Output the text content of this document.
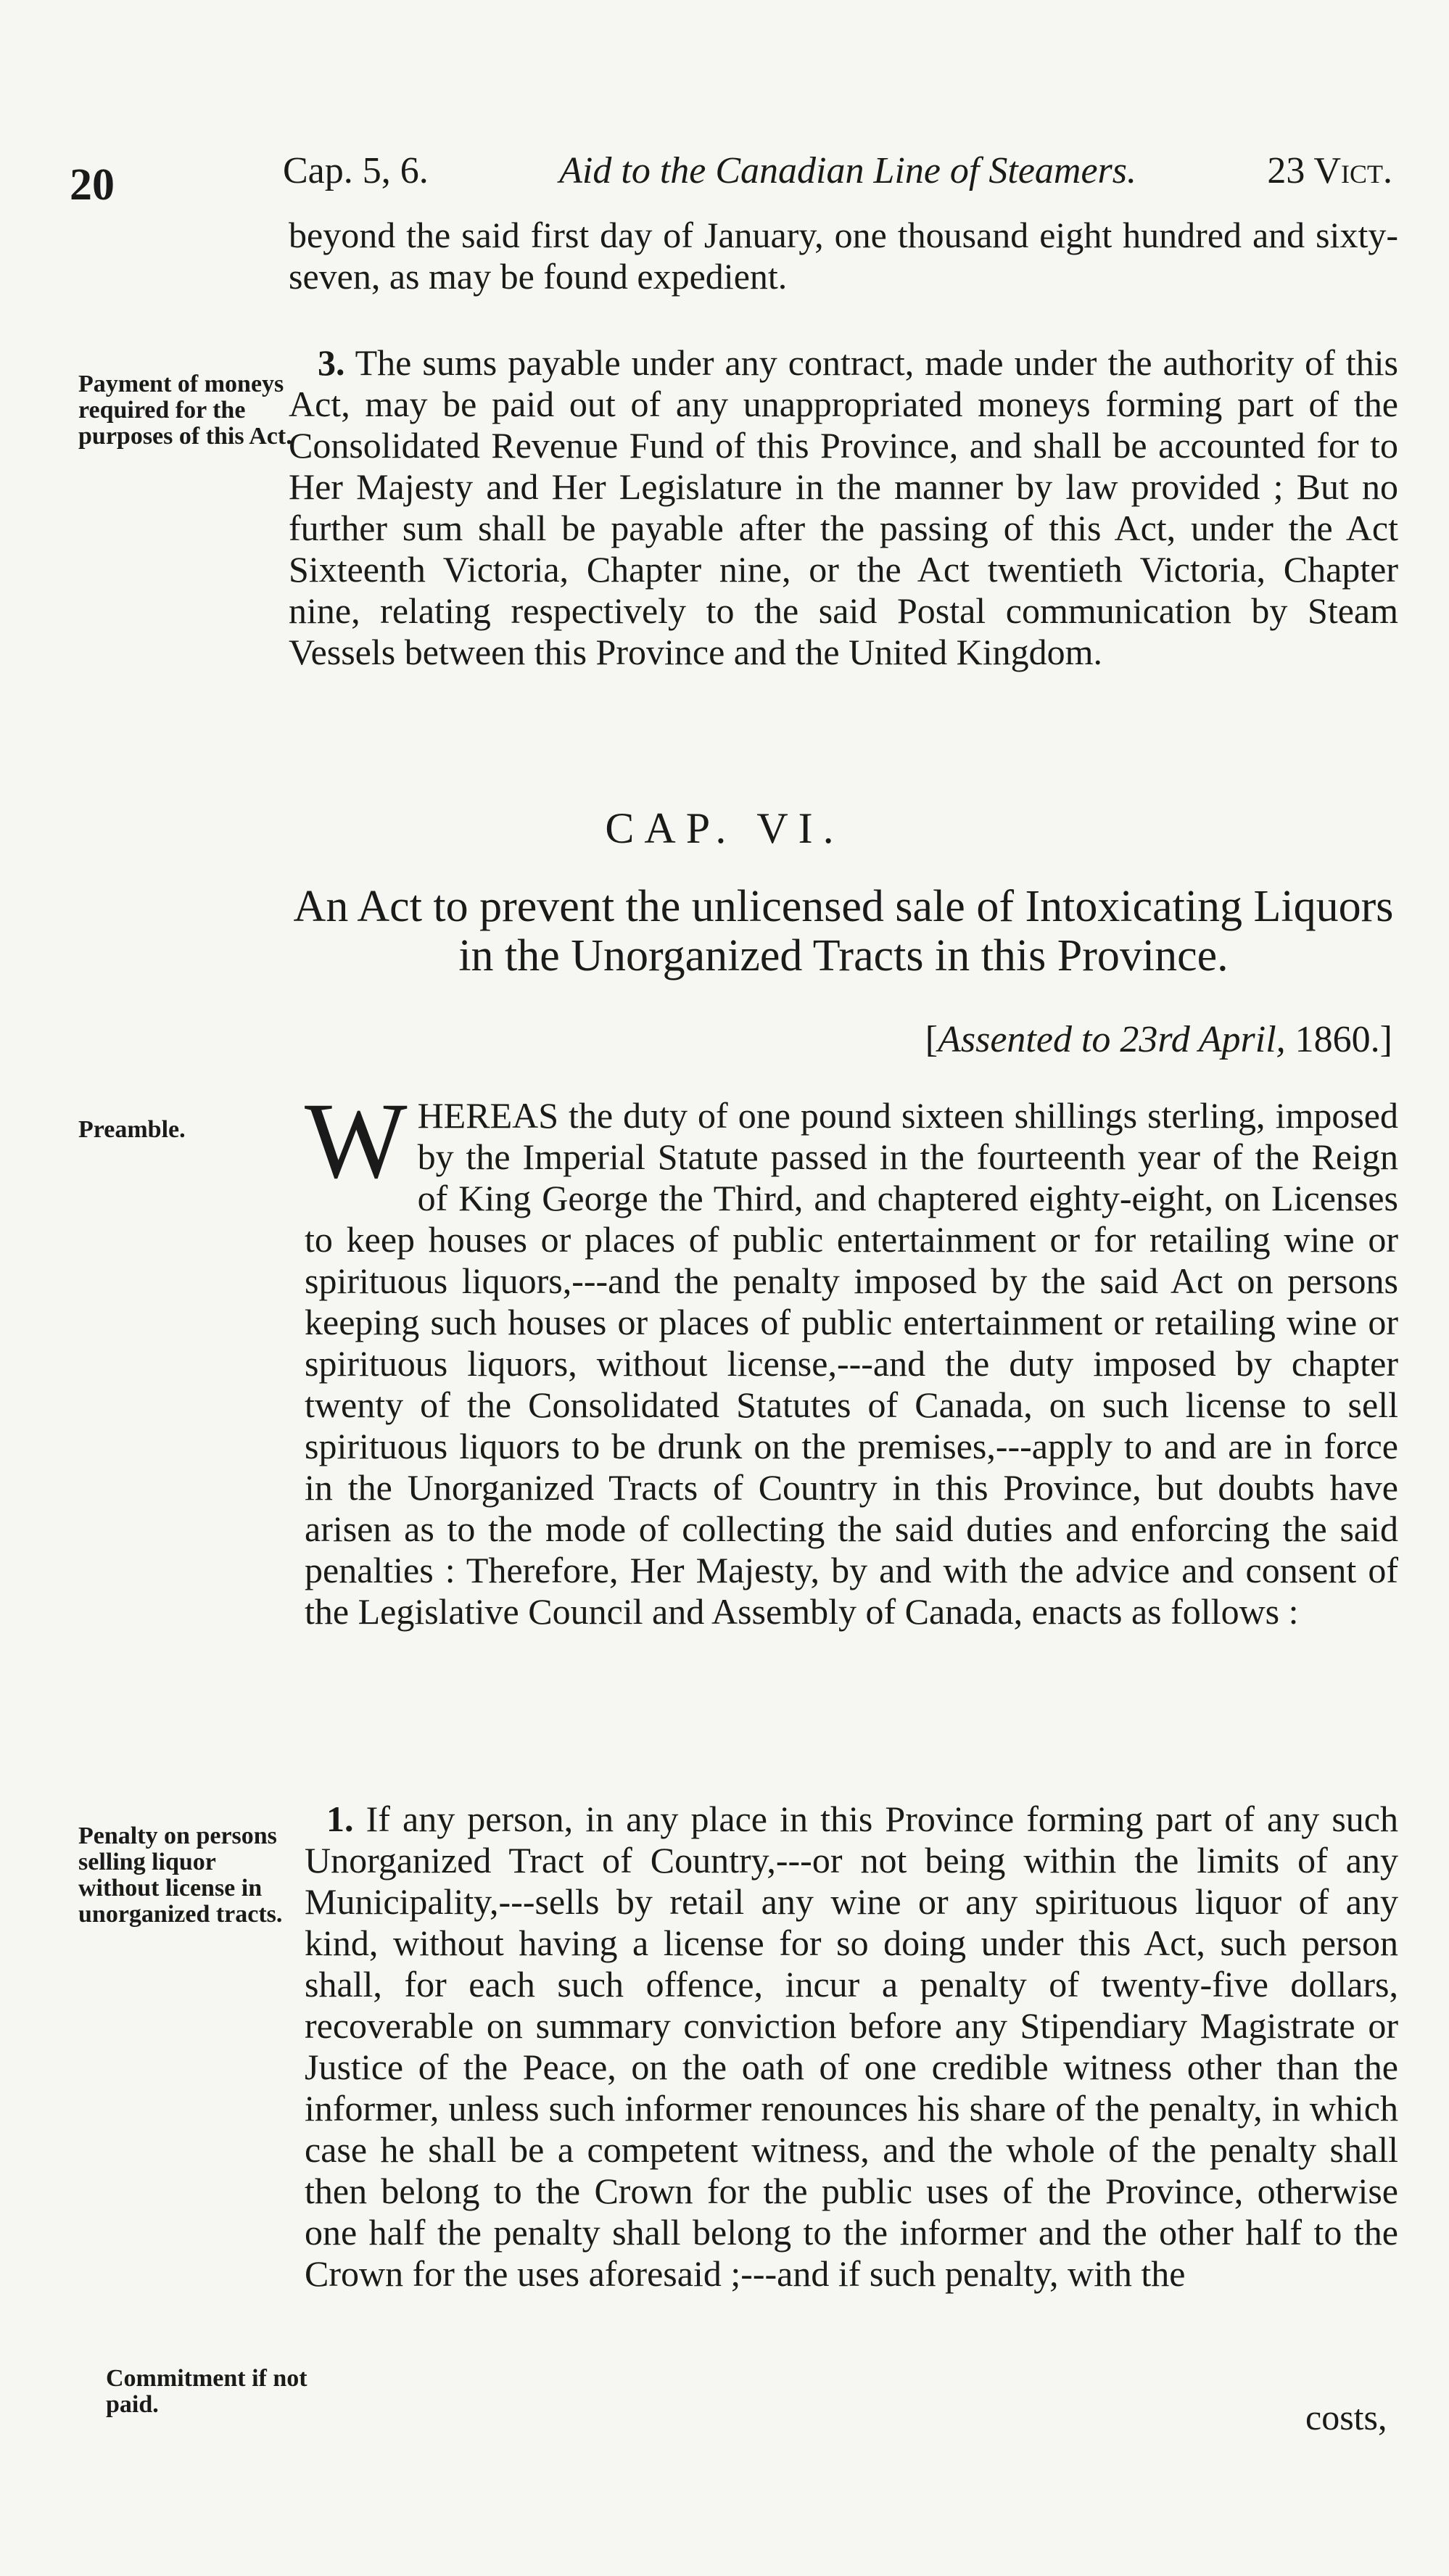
20	Cap. 5, 6.	Aid to the Canadian Line of Steamers.	23 Vict.
beyond the said first day of January, one thousand eight hundred and sixty-seven, as may be found expedient.
Payment of moneys required for the purposes of this Act.
3. The sums payable under any contract, made under the authority of this Act, may be paid out of any unappropriated moneys forming part of the Consolidated Revenue Fund of this Province, and shall be accounted for to Her Majesty and Her Legislature in the manner by law provided ; But no further sum shall be payable after the passing of this Act, under the Act Sixteenth Victoria, Chapter nine, or the Act twentieth Victoria, Chapter nine, relating respectively to the said Postal communication by Steam Vessels between this Province and the United Kingdom.
CAP. VI.
An Act to prevent the unlicensed sale of Intoxicating Liquors in the Unorganized Tracts in this Province.
[Assented to 23rd April, 1860.]
Preamble.	W HEREAS the duty of one pound sixteen shillings sterling, imposed by the Imperial Statute passed in the fourteenth year of the Reign of King George the Third, and chaptered eighty-eight, on Licenses to keep houses or places of public entertainment or for retailing wine or spirituous liquors,---and the penalty imposed by the said Act on persons keeping such houses or places of public entertainment or retailing wine or spirituous liquors, without license,---and the duty imposed by chapter twenty of the Consolidated Statutes of Canada, on such license to sell spirituous liquors to be drunk on the premises,---apply to and are in force in the Unorganized Tracts of Country in this Province, but doubts have arisen as to the mode of collecting the said duties and enforcing the said penalties : Therefore, Her Majesty, by and with the advice and consent of the Legislative Council and Assembly of Canada, enacts as follows :
Penalty on persons selling liquor without license in unorganized tracts.
1. If any person, in any place in this Province forming part of any such Unorganized Tract of Country,---or not being within the limits of any Municipality,---sells by retail any wine or any spirituous liquor of any kind, without having a license for so doing under this Act, such person shall, for each such offence, incur a penalty of twenty-five dollars, recoverable on summary conviction before any Stipendiary Magistrate or Justice of the Peace, on the oath of one credible witness other than the informer, unless such informer renounces his share of the penalty, in which case he shall be a competent witness, and the whole of the penalty shall then belong to the Crown for the public uses of the Province, otherwise one half the penalty shall belong to the informer and the other half to the Crown for the uses aforesaid ;---and if such penalty, with the
Commitment if not paid.	costs,
